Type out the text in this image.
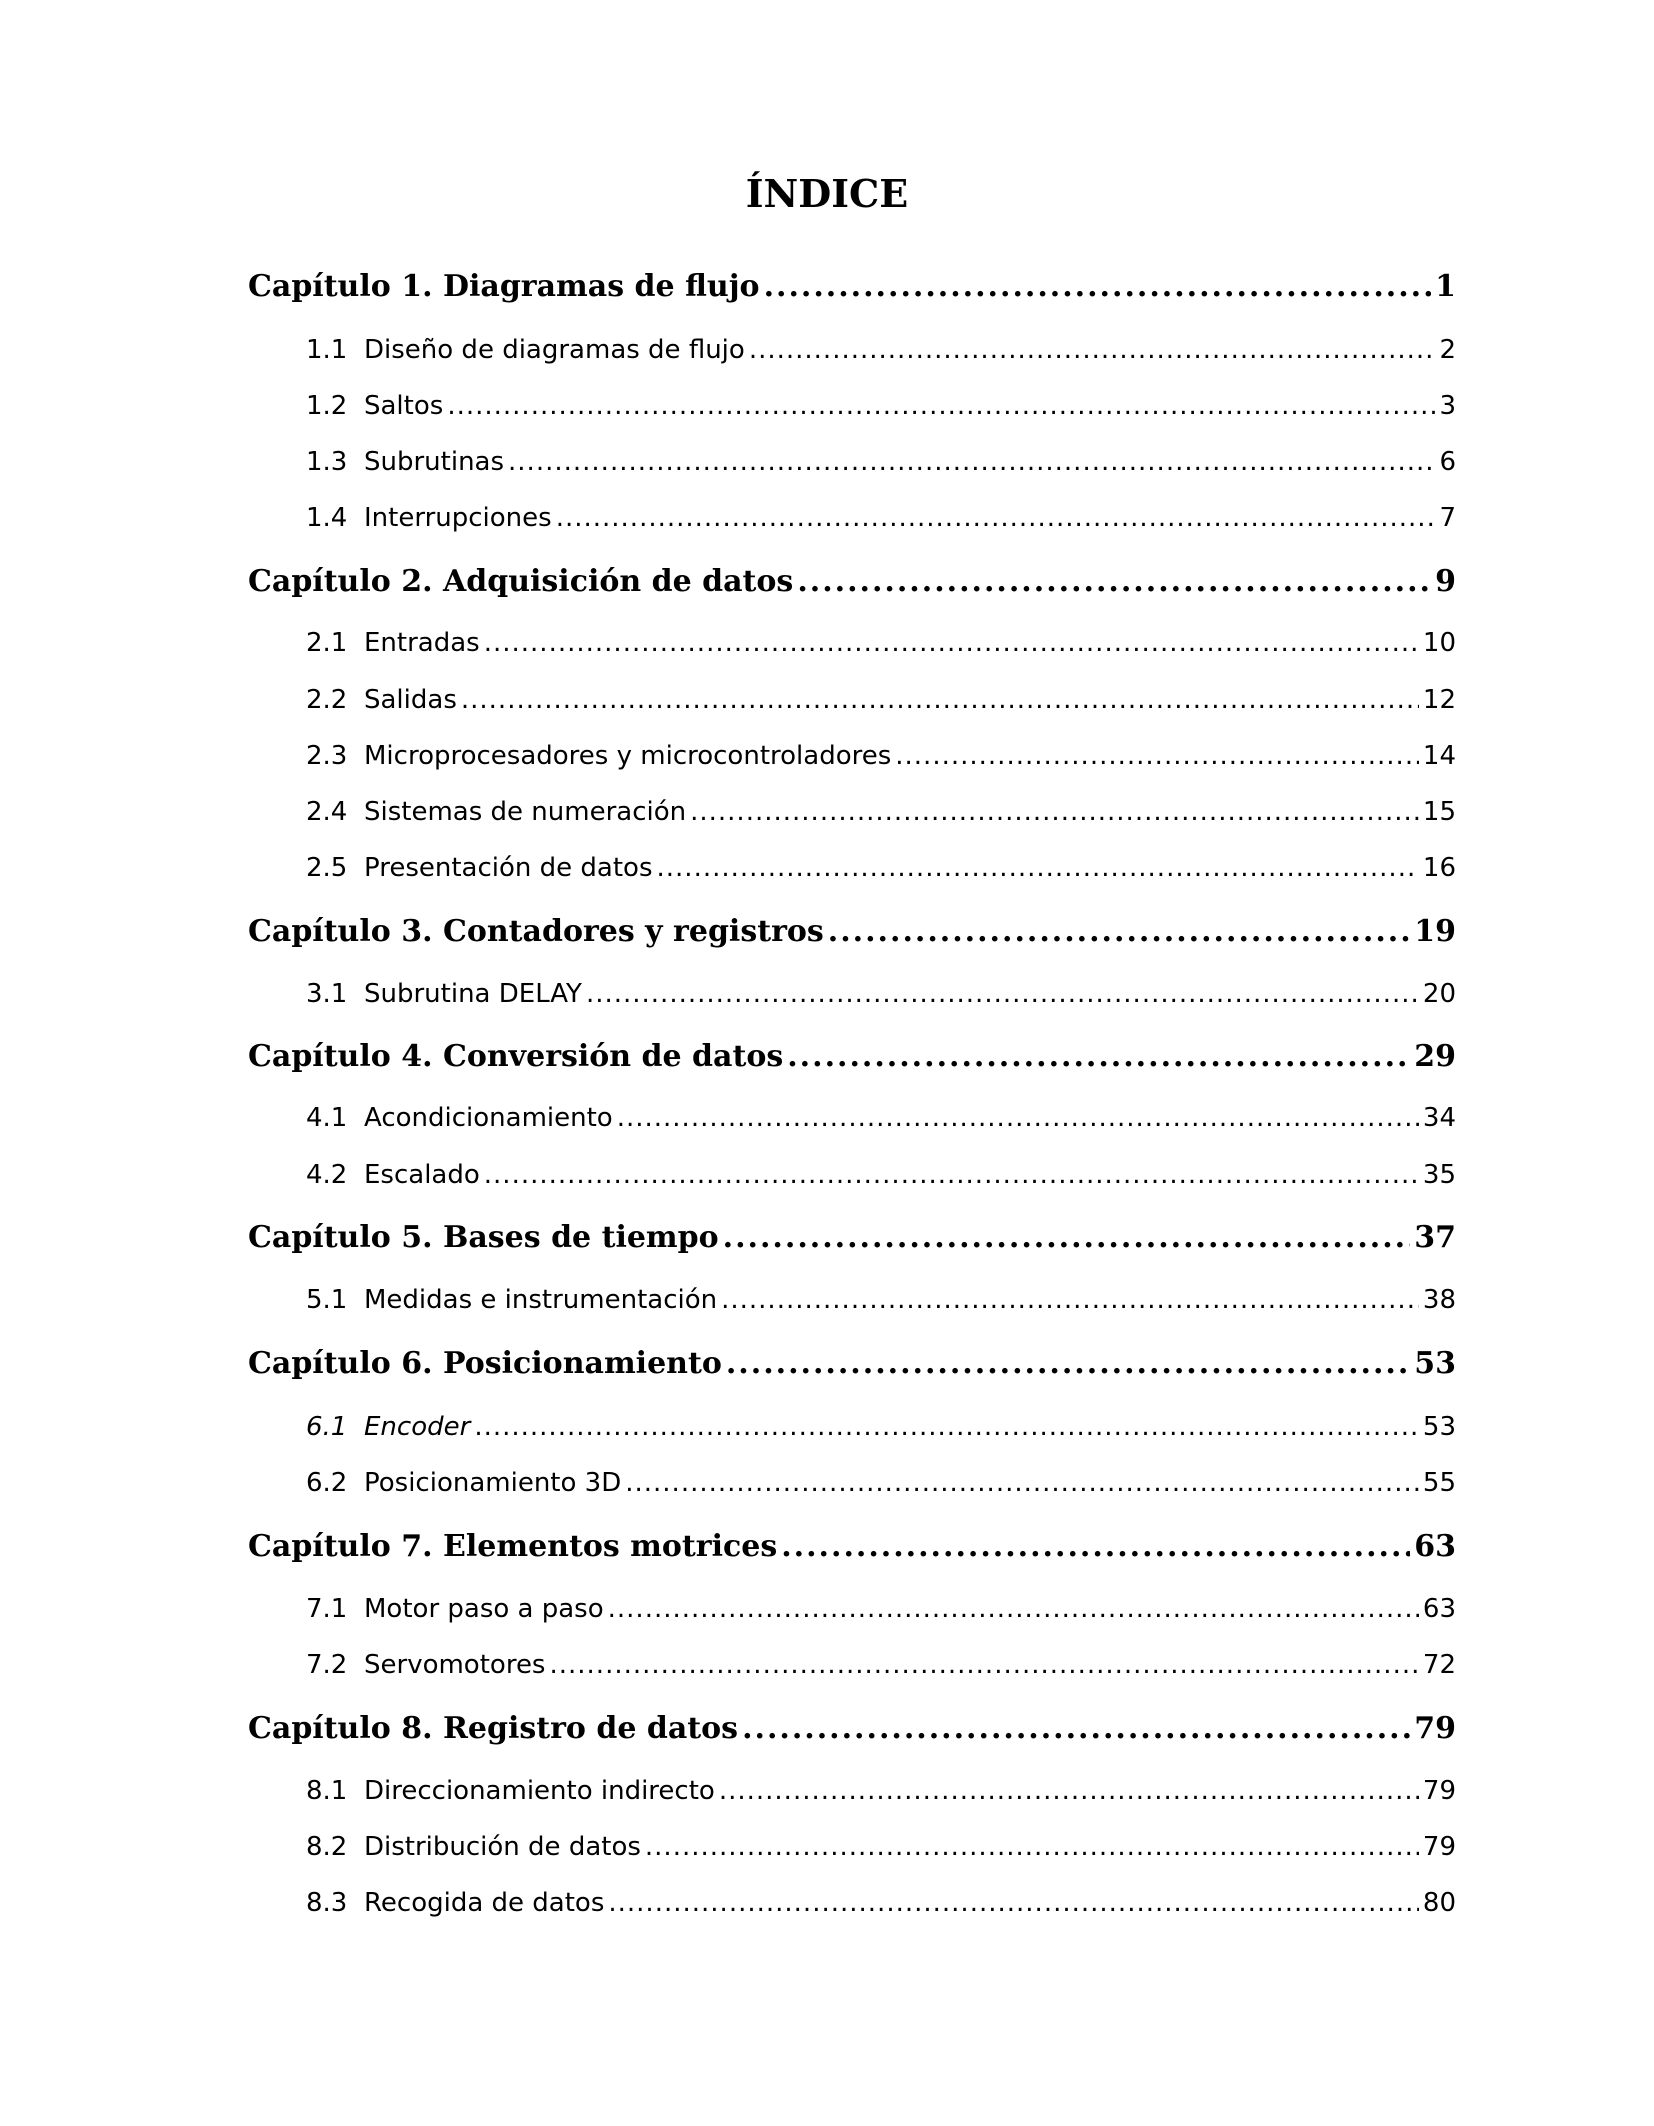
ÍNDICE
Capítulo 1. Diagramas de flujo .....	1
1.1 Diseño de diagramas de flujo .....	2
1.2 Saltos .....	3
1.3 Subrutinas .....	6
1.4 Interrupciones .....	7
Capítulo 2. Adquisición de datos .....	9
2.1 Entradas .....	10
2.2 Salidas .....	12
2.3 Microprocesadores y microcontroladores .....	14
2.4 Sistemas de numeración .....	15
2.5 Presentación de datos .....	16
Capítulo 3. Contadores y registros .....	19
3.1 Subrutina DELAY .....	20
Capítulo 4. Conversión de datos .....	29
4.1 Acondicionamiento .....	34
4.2 Escalado .....	35
Capítulo 5. Bases de tiempo .....	37
5.1 Medidas e instrumentación .....	38
Capítulo 6. Posicionamiento .....	53
6.1 Encoder .....	53
6.2 Posicionamiento 3D .....	55
Capítulo 7. Elementos motrices .....	63
7.1 Motor paso a paso .....	63
7.2 Servomotores .....	72
Capítulo 8. Registro de datos .....	79
8.1 Direccionamiento indirecto .....	79
8.2 Distribución de datos .....	79
8.3 Recogida de datos .....	80
